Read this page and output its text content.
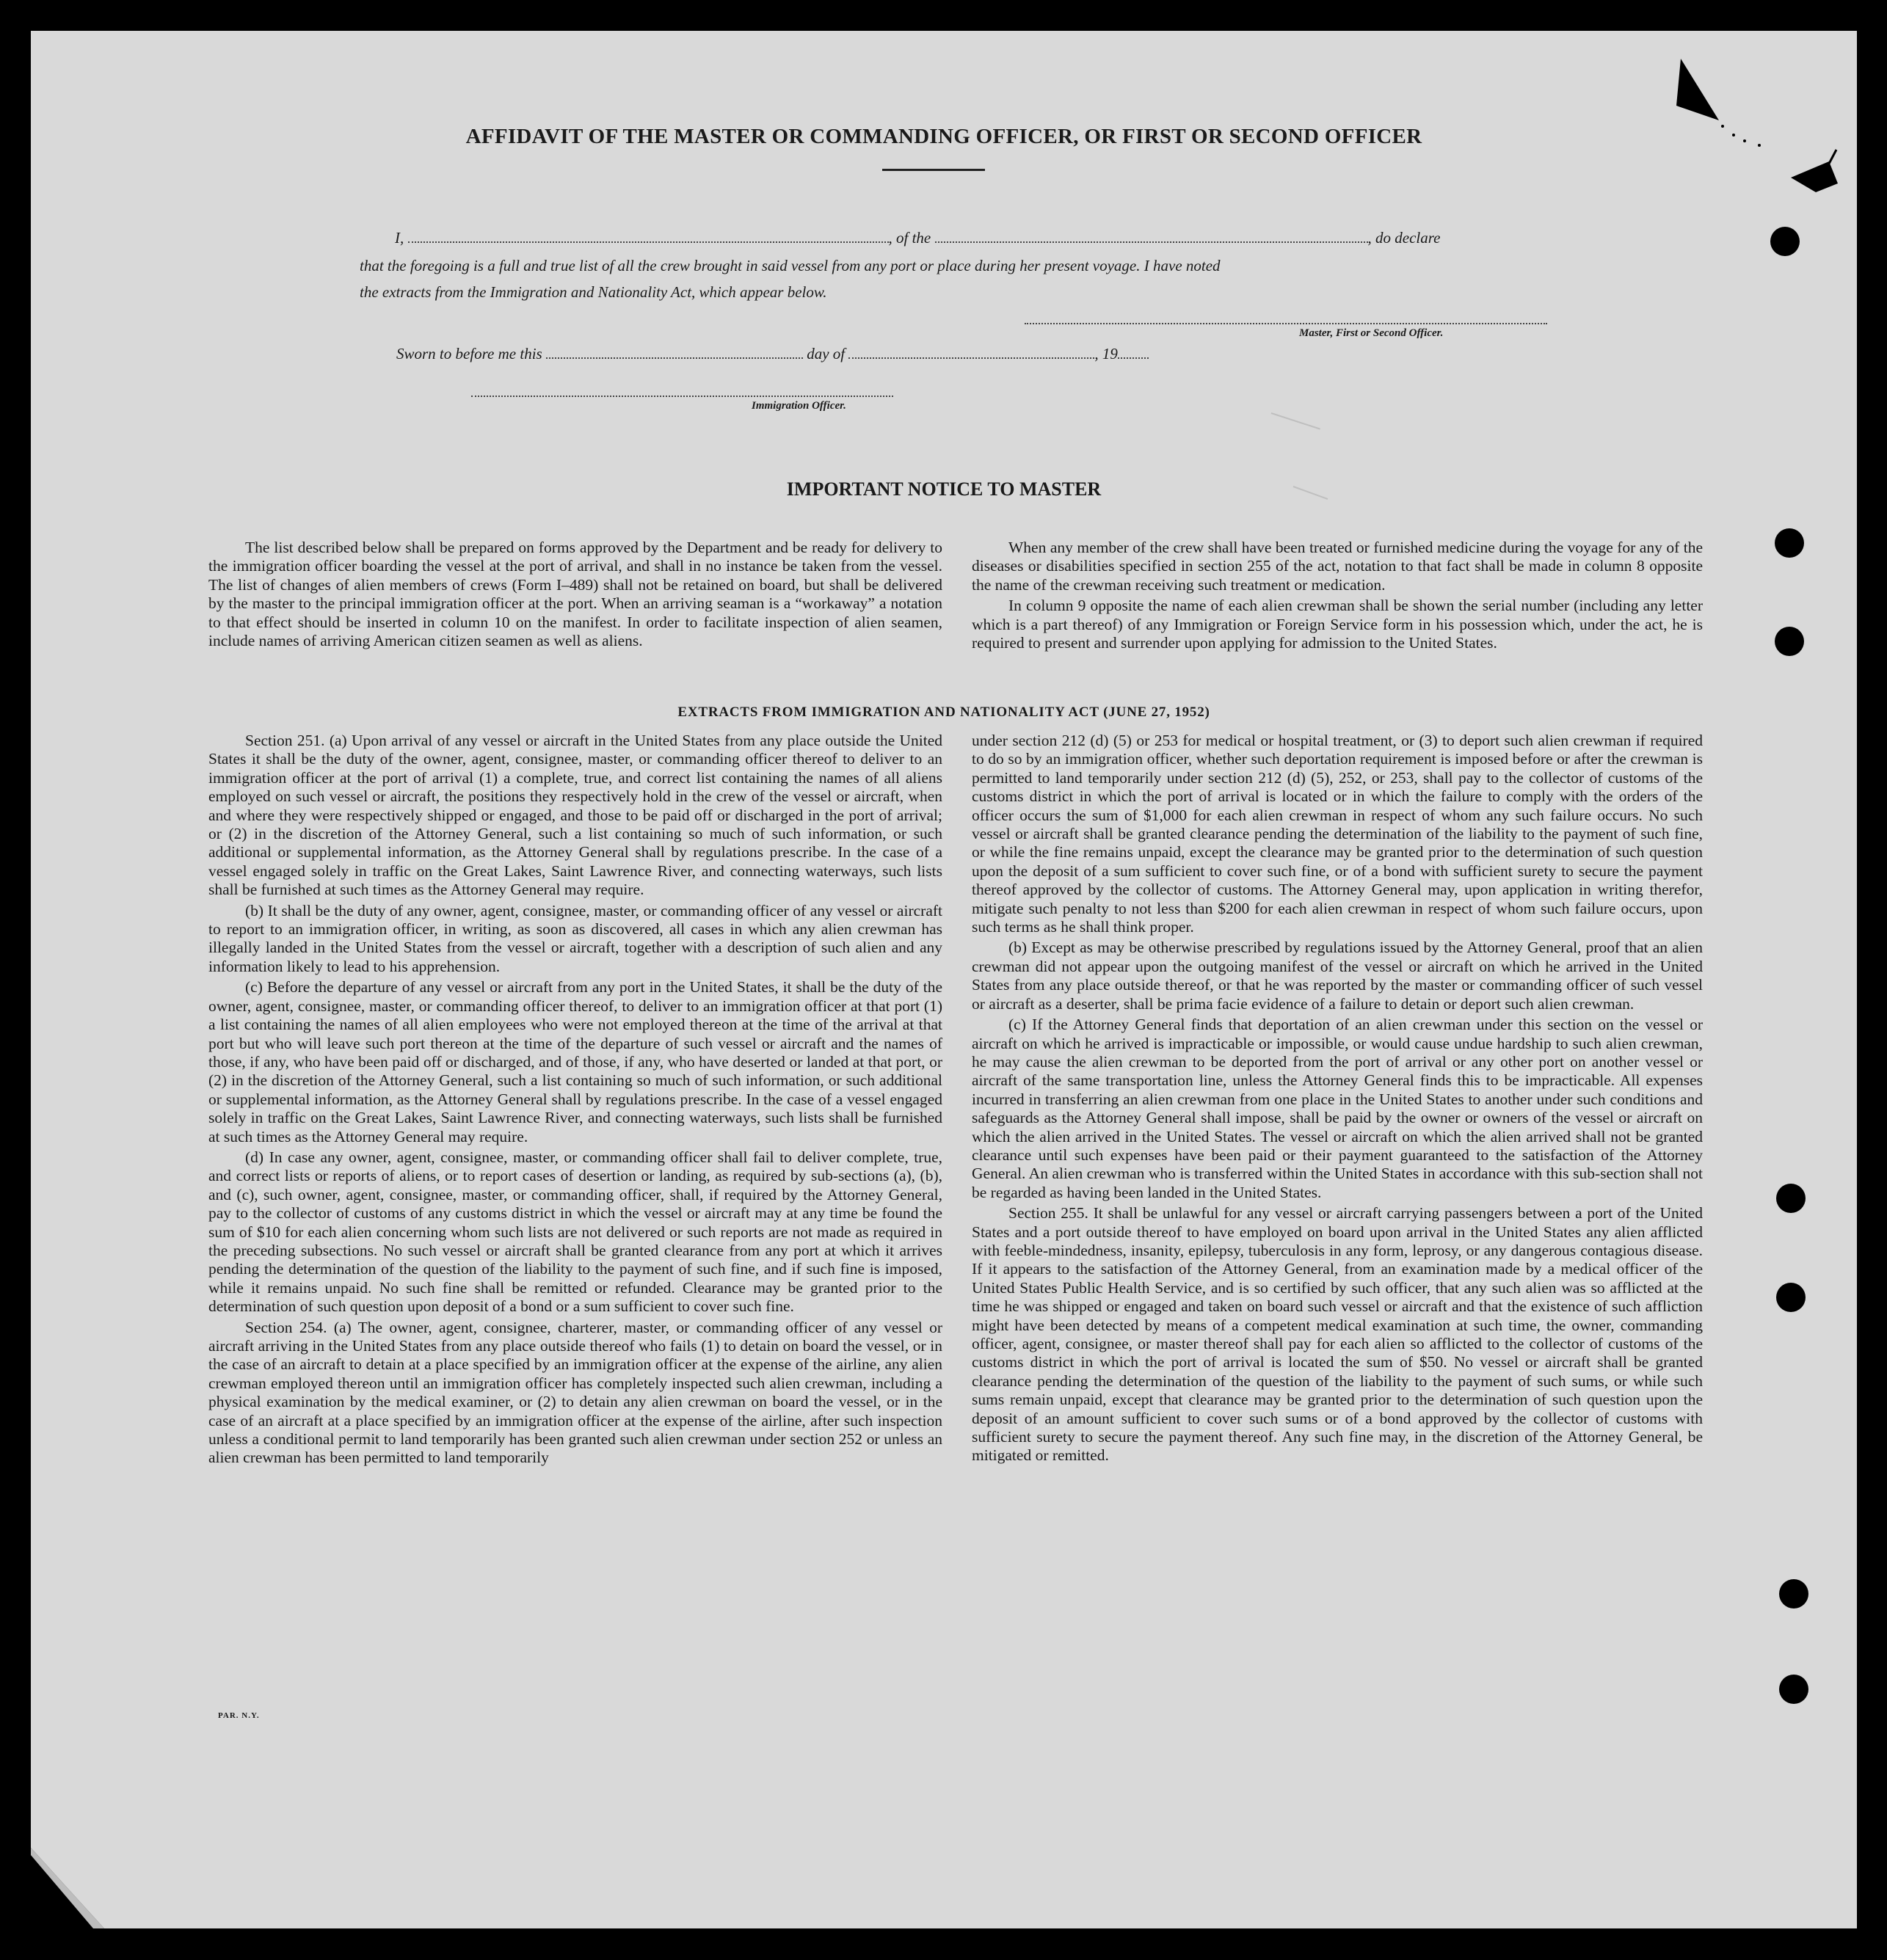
AFFIDAVIT OF THE MASTER OR COMMANDING OFFICER, OR FIRST OR SECOND OFFICER
I,	, of the	, do declare
that the foregoing is a full and true list of all the crew brought in said vessel from any port or place during her present voyage. I have noted
the extracts from the Immigration and Nationality Act, which appear below.
Master, First or Second Officer.
Sworn to before me this	day of	, 19
Immigration Officer.
IMPORTANT NOTICE TO MASTER

The list described below shall be prepared on forms approved by the Department and be ready for delivery to the immigration officer boarding the vessel at the port of arrival, and shall in no instance be taken from the vessel. The list of changes of alien members of crews (Form I–489) shall not be retained on board, but shall be delivered by the master to the principal immigration officer at the port. When an arriving seaman is a “workaway” a notation to that effect should be inserted in column 10 on the manifest. In order to facilitate inspection of alien seamen, include names of arriving American citizen seamen as well as aliens.

When any member of the crew shall have been treated or furnished medicine during the voyage for any of the diseases or disabilities specified in section 255 of the act, notation to that fact shall be made in column 8 opposite the name of the crewman receiving such treatment or medication.

In column 9 opposite the name of each alien crewman shall be shown the serial number (including any letter which is a part thereof) of any Immigration or Foreign Service form in his possession which, under the act, he is required to present and surrender upon applying for admission to the United States.

EXTRACTS FROM IMMIGRATION AND NATIONALITY ACT (JUNE 27, 1952)

Section 251. (a) Upon arrival of any vessel or aircraft in the United States from any place outside the United States it shall be the duty of the owner, agent, consignee, master, or commanding officer thereof to deliver to an immigration officer at the port of arrival (1) a complete, true, and correct list containing the names of all aliens employed on such vessel or aircraft, the positions they respectively hold in the crew of the vessel or aircraft, when and where they were respectively shipped or engaged, and those to be paid off or discharged in the port of arrival; or (2) in the discretion of the Attorney General, such a list containing so much of such information, or such additional or supplemental information, as the Attorney General shall by regulations prescribe. In the case of a vessel engaged solely in traffic on the Great Lakes, Saint Lawrence River, and connecting waterways, such lists shall be furnished at such times as the Attorney General may require.

(b) It shall be the duty of any owner, agent, consignee, master, or commanding officer of any vessel or aircraft to report to an immigration officer, in writing, as soon as discovered, all cases in which any alien crewman has illegally landed in the United States from the vessel or aircraft, together with a description of such alien and any information likely to lead to his apprehension.

(c) Before the departure of any vessel or aircraft from any port in the United States, it shall be the duty of the owner, agent, consignee, master, or commanding officer thereof, to deliver to an immigration officer at that port (1) a list containing the names of all alien employees who were not employed thereon at the time of the arrival at that port but who will leave such port thereon at the time of the departure of such vessel or aircraft and the names of those, if any, who have been paid off or discharged, and of those, if any, who have deserted or landed at that port, or (2) in the discretion of the Attorney General, such a list containing so much of such information, or such additional or supplemental information, as the Attorney General shall by regulations prescribe. In the case of a vessel engaged solely in traffic on the Great Lakes, Saint Lawrence River, and connecting waterways, such lists shall be furnished at such times as the Attorney General may require.

(d) In case any owner, agent, consignee, master, or commanding officer shall fail to deliver complete, true, and correct lists or reports of aliens, or to report cases of desertion or landing, as required by sub-sections (a), (b), and (c), such owner, agent, consignee, master, or commanding officer, shall, if required by the Attorney General, pay to the collector of customs of any customs district in which the vessel or aircraft may at any time be found the sum of $10 for each alien concerning whom such lists are not delivered or such reports are not made as required in the preceding subsections. No such vessel or aircraft shall be granted clearance from any port at which it arrives pending the determination of the question of the liability to the payment of such fine, and if such fine is imposed, while it remains unpaid. No such fine shall be remitted or refunded. Clearance may be granted prior to the determination of such question upon deposit of a bond or a sum sufficient to cover such fine.

Section 254. (a) The owner, agent, consignee, charterer, master, or commanding officer of any vessel or aircraft arriving in the United States from any place outside thereof who fails (1) to detain on board the vessel, or in the case of an aircraft to detain at a place specified by an immigration officer at the expense of the airline, any alien crewman employed thereon until an immigration officer has completely inspected such alien crewman, including a physical examination by the medical examiner, or (2) to detain any alien crewman on board the vessel, or in the case of an aircraft at a place specified by an immigration officer at the expense of the airline, after such inspection unless a conditional permit to land temporarily has been granted such alien crewman under section 252 or unless an alien crewman has been permitted to land temporarily

under section 212 (d) (5) or 253 for medical or hospital treatment, or (3) to deport such alien crewman if required to do so by an immigration officer, whether such deportation requirement is imposed before or after the crewman is permitted to land temporarily under section 212 (d) (5), 252, or 253, shall pay to the collector of customs of the customs district in which the port of arrival is located or in which the failure to comply with the orders of the officer occurs the sum of $1,000 for each alien crewman in respect of whom any such failure occurs. No such vessel or aircraft shall be granted clearance pending the determination of the liability to the payment of such fine, or while the fine remains unpaid, except the clearance may be granted prior to the determination of such question upon the deposit of a sum sufficient to cover such fine, or of a bond with sufficient surety to secure the payment thereof approved by the collector of customs. The Attorney General may, upon application in writing therefor, mitigate such penalty to not less than $200 for each alien crewman in respect of whom such failure occurs, upon such terms as he shall think proper.

(b) Except as may be otherwise prescribed by regulations issued by the Attorney General, proof that an alien crewman did not appear upon the outgoing manifest of the vessel or aircraft on which he arrived in the United States from any place outside thereof, or that he was reported by the master or commanding officer of such vessel or aircraft as a deserter, shall be prima facie evidence of a failure to detain or deport such alien crewman.

(c) If the Attorney General finds that deportation of an alien crewman under this section on the vessel or aircraft on which he arrived is impracticable or impossible, or would cause undue hardship to such alien crewman, he may cause the alien crewman to be deported from the port of arrival or any other port on another vessel or aircraft of the same transportation line, unless the Attorney General finds this to be impracticable. All expenses incurred in transferring an alien crewman from one place in the United States to another under such conditions and safeguards as the Attorney General shall impose, shall be paid by the owner or owners of the vessel or aircraft on which the alien arrived in the United States. The vessel or aircraft on which the alien arrived shall not be granted clearance until such expenses have been paid or their payment guaranteed to the satisfaction of the Attorney General. An alien crewman who is transferred within the United States in accordance with this sub-section shall not be regarded as having been landed in the United States.

Section 255. It shall be unlawful for any vessel or aircraft carrying passengers between a port of the United States and a port outside thereof to have employed on board upon arrival in the United States any alien afflicted with feeble-mindedness, insanity, epilepsy, tuberculosis in any form, leprosy, or any dangerous contagious disease. If it appears to the satisfaction of the Attorney General, from an examination made by a medical officer of the United States Public Health Service, and is so certified by such officer, that any such alien was so afflicted at the time he was shipped or engaged and taken on board such vessel or aircraft and that the existence of such affliction might have been detected by means of a competent medical examination at such time, the owner, commanding officer, agent, consignee, or master thereof shall pay for each alien so afflicted to the collector of customs of the customs district in which the port of arrival is located the sum of $50. No vessel or aircraft shall be granted clearance pending the determination of the question of the liability to the payment of such sums, or while such sums remain unpaid, except that clearance may be granted prior to the determination of such question upon the deposit of an amount sufficient to cover such sums or of a bond approved by the collector of customs with sufficient surety to secure the payment thereof. Any such fine may, in the discretion of the Attorney General, be mitigated or remitted.

PAR. N.Y.
